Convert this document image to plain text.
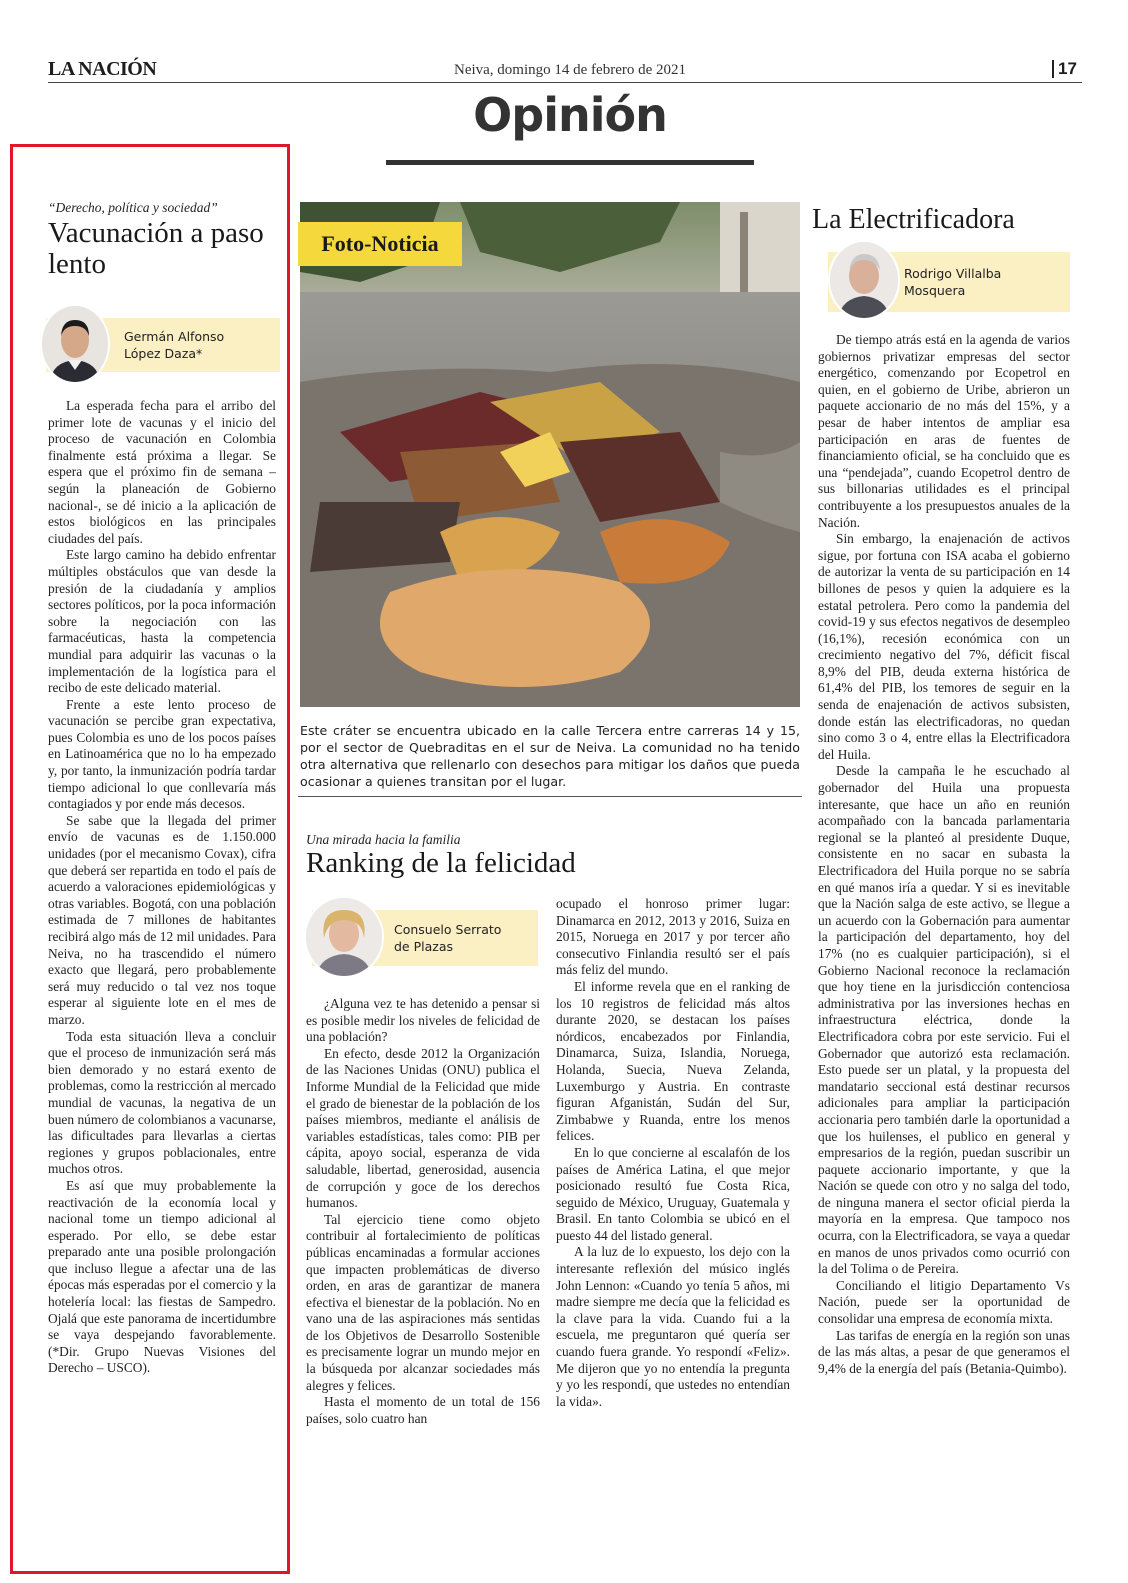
LA NACIÓN	Neiva, domingo 14 de febrero de 2021	17
Opinión
“Derecho, política y sociedad”
Vacunación a paso lento
Germán Alfonso
López Daza*

La esperada fecha para el arribo del primer lote de vacunas y el inicio del proceso de vacunación en Colombia finalmente está próxima a llegar. Se espera que el próximo fin de semana –según la planeación de Gobierno nacional-, se dé inicio a la aplicación de estos biológicos en las principales ciudades del país.

Este largo camino ha debido enfrentar múltiples obstáculos que van desde la presión de la ciudadanía y amplios sectores políticos, por la poca información sobre la negociación con las farmacéuticas, hasta la competencia mundial para adquirir las vacunas o la implementación de la logística para el recibo de este delicado material.

Frente a este lento proceso de vacunación se percibe gran expectativa, pues Colombia es uno de los pocos países en Latinoamérica que no lo ha empezado y, por tanto, la inmunización podría tardar tiempo adicional lo que conllevaría más contagiados y por ende más decesos.

Se sabe que la llegada del primer envío de vacunas es de 1.150.000 unidades (por el mecanismo Covax), cifra que deberá ser repartida en todo el país de acuerdo a valoraciones epidemiológicas y otras variables. Bogotá, con una población estimada de 7 millones de habitantes recibirá algo más de 12 mil unidades. Para Neiva, no ha trascendido el número exacto que llegará, pero probablemente será muy reducido o tal vez nos toque esperar al siguiente lote en el mes de marzo.

Toda esta situación lleva a concluir que el proceso de inmunización será más bien demorado y no estará exento de problemas, como la restricción al mercado mundial de vacunas, la negativa de un buen número de colombianos a vacunarse, las dificultades para llevarlas a ciertas regiones y grupos poblacionales, entre muchos otros.

Es así que muy probablemente la reactivación de la economía local y nacional tome un tiempo adicional al esperado. Por ello, se debe estar preparado ante una posible prolongación que incluso llegue a afectar una de las épocas más esperadas por el comercio y la hotelería local: las fiestas de Sampedro. Ojalá que este panorama de incertidumbre se vaya despejando favorablemente. (*Dir. Grupo Nuevas Visiones del Derecho – USCO).

Foto-Noticia
Este cráter se encuentra ubicado en la calle Tercera entre carreras 14 y 15, por el sector de Quebraditas en el sur de Neiva. La comunidad no ha tenido otra alternativa que rellenarlo con desechos para mitigar los daños que pueda ocasionar a quienes transitan por el lugar.
Una mirada hacia la familia
Ranking de la felicidad
Consuelo Serrato
de Plazas

¿Alguna vez te has detenido a pensar si es posible medir los niveles de felicidad de una población?

En efecto, desde 2012 la Organización de las Naciones Unidas (ONU) publica el Informe Mundial de la Felicidad que mide el grado de bienestar de la población de los países miembros, mediante el análisis de variables estadísticas, tales como: PIB per cápita, apoyo social, esperanza de vida saludable, libertad, generosidad, ausencia de corrupción y goce de los derechos humanos.

Tal ejercicio tiene como objeto contribuir al fortalecimiento de políticas públicas encaminadas a formular acciones que impacten problemáticas de diverso orden, en aras de garantizar de manera efectiva el bienestar de la población. No en vano una de las aspiraciones más sentidas de los Objetivos de Desarrollo Sostenible es precisamente lograr un mundo mejor en la búsqueda por alcanzar sociedades más alegres y felices.

Hasta el momento de un total de 156 países, solo cuatro han

ocupado el honroso primer lugar: Dinamarca en 2012, 2013 y 2016, Suiza en 2015, Noruega en 2017 y por tercer año consecutivo Finlandia resultó ser el país más feliz del mundo.

El informe revela que en el ranking de los 10 registros de felicidad más altos durante 2020, se destacan los países nórdicos, encabezados por Finlandia, Dinamarca, Suiza, Islandia, Noruega, Holanda, Suecia, Nueva Zelanda, Luxemburgo y Austria. En contraste figuran Afganistán, Sudán del Sur, Zimbabwe y Ruanda, entre los menos felices.

En lo que concierne al escalafón de los países de América Latina, el que mejor posicionado resultó fue Costa Rica, seguido de México, Uruguay, Guatemala y Brasil. En tanto Colombia se ubicó en el puesto 44 del listado general.

A la luz de lo expuesto, los dejo con la interesante reflexión del músico inglés John Lennon: «Cuando yo tenía 5 años, mi madre siempre me decía que la felicidad es la clave para la vida. Cuando fui a la escuela, me preguntaron qué quería ser cuando fuera grande. Yo respondí «Feliz». Me dijeron que yo no entendía la pregunta y yo les respondí, que ustedes no entendían la vida».

La Electrificadora
Rodrigo Villalba
Mosquera

De tiempo atrás está en la agenda de varios gobiernos privatizar empresas del sector energético, comenzando por Ecopetrol en quien, en el gobierno de Uribe, abrieron un paquete accionario de no más del 15%, y a pesar de haber intentos de ampliar esa participación en aras de fuentes de financiamiento oficial, se ha concluido que es una “pendejada”, cuando Ecopetrol dentro de sus billonarias utilidades es el principal contribuyente a los presupuestos anuales de la Nación.

Sin embargo, la enajenación de activos sigue, por fortuna con ISA acaba el gobierno de autorizar la venta de su participación en 14 billones de pesos y quien la adquiere es la estatal petrolera. Pero como la pandemia del covid-19 y sus efectos negativos de desempleo (16,1%), recesión económica con un crecimiento negativo del 7%, déficit fiscal 8,9% del PIB, deuda externa histórica de 61,4% del PIB, los temores de seguir en la senda de enajenación de activos subsisten, donde están las electrificadoras, no quedan sino como 3 o 4, entre ellas la Electrificadora del Huila.

Desde la campaña le he escuchado al gobernador del Huila una propuesta interesante, que hace un año en reunión acompañado con la bancada parlamentaria regional se la planteó al presidente Duque, consistente en no sacar en subasta la Electrificadora del Huila porque no se sabría en qué manos iría a quedar. Y si es inevitable que la Nación salga de este activo, se llegue a un acuerdo con la Gobernación para aumentar la participación del departamento, hoy del 17% (no es cualquier participación), si el Gobierno Nacional reconoce la reclamación que hoy tiene en la jurisdicción contenciosa administrativa por las inversiones hechas en infraestructura eléctrica, donde la Electrificadora cobra por este servicio. Fui el Gobernador que autorizó esta reclamación. Esto puede ser un platal, y la propuesta del mandatario seccional está destinar recursos adicionales para ampliar la participación accionaria pero también darle la oportunidad a que los huilenses, el publico en general y empresarios de la región, puedan suscribir un paquete accionario importante, y que la Nación se quede con otro y no salga del todo, de ninguna manera el sector oficial pierda la mayoría en la empresa. Que tampoco nos ocurra, con la Electrificadora, se vaya a quedar en manos de unos privados como ocurrió con la del Tolima o de Pereira.

Conciliando el litigio Departamento Vs Nación, puede ser la oportunidad de consolidar una empresa de economía mixta.

Las tarifas de energía en la región son unas de las más altas, a pesar de que generamos el 9,4% de la energía del país (Betania-Quimbo).
